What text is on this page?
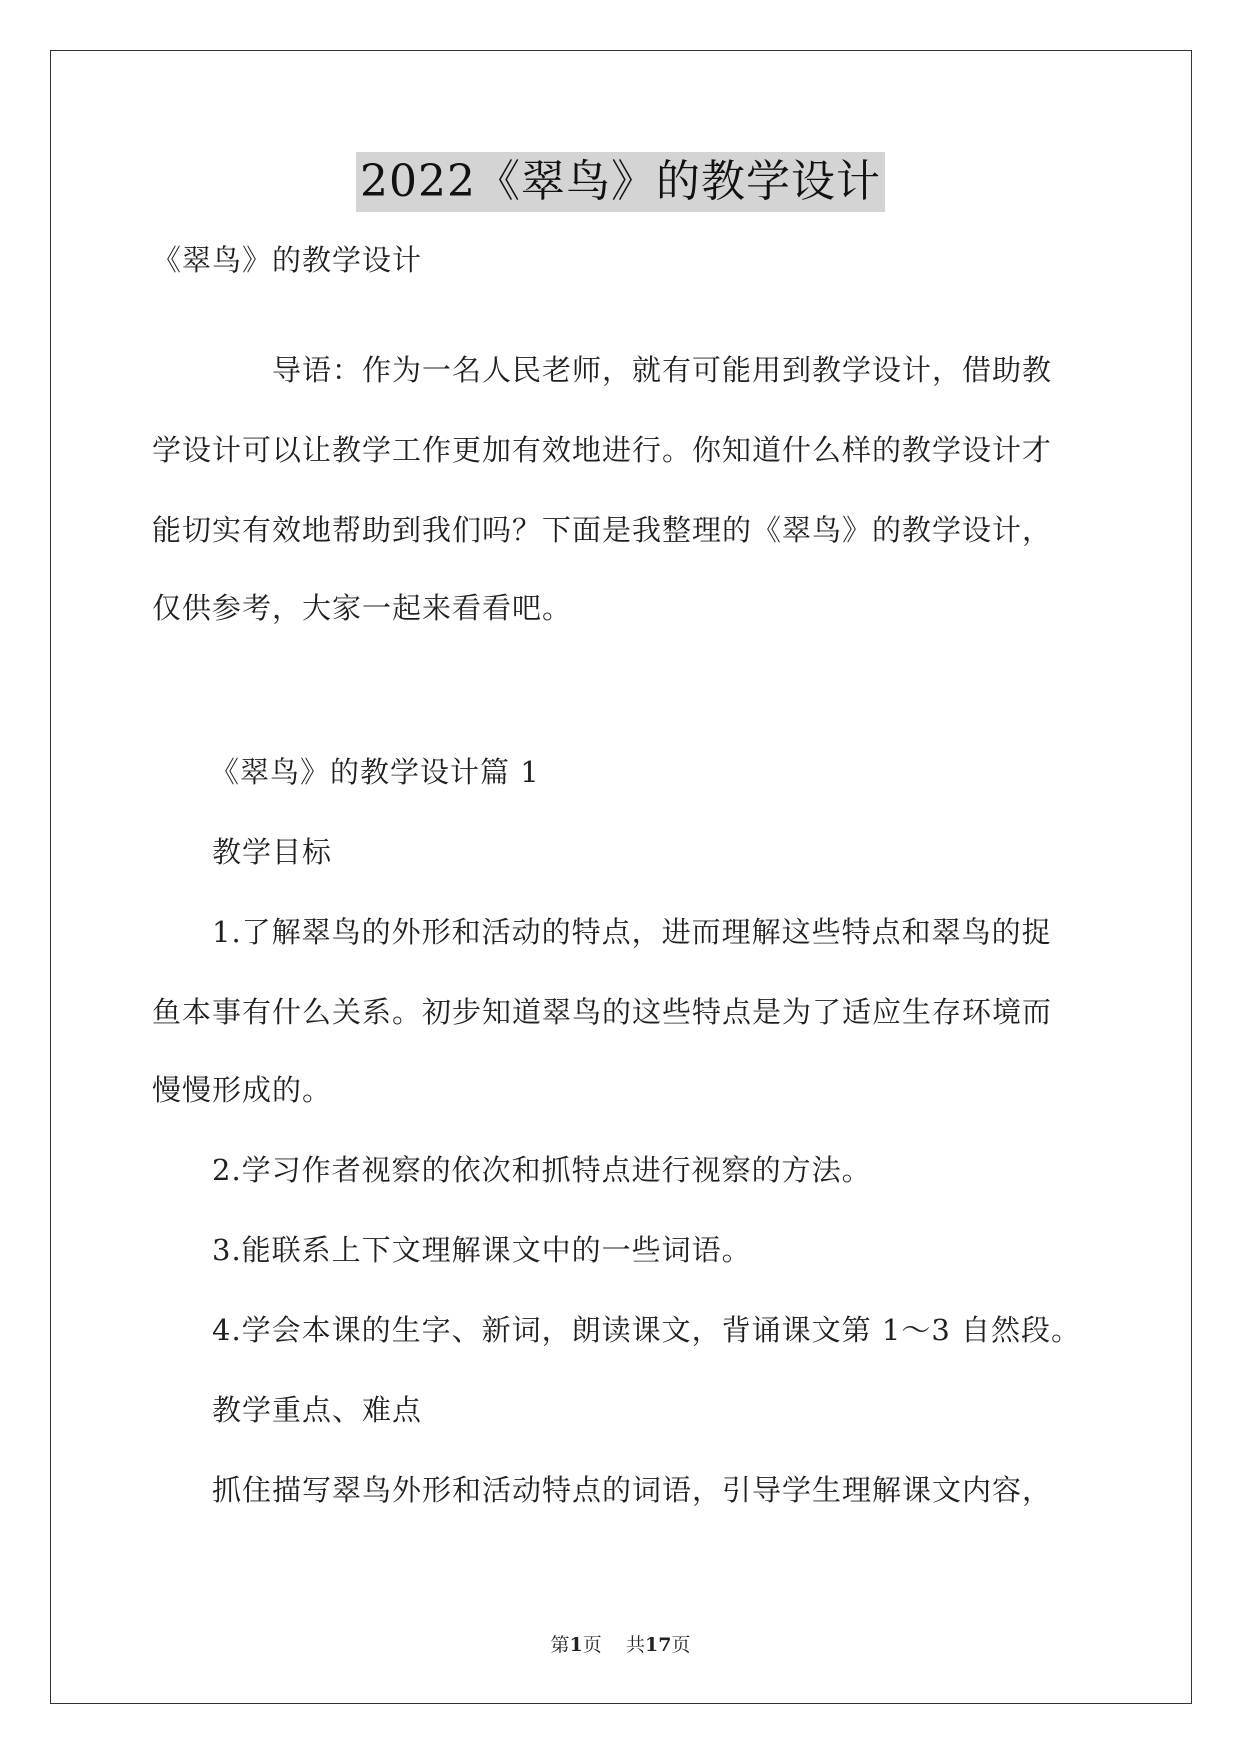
2022《翠鸟》的教学设计
《翠鸟》的教学设计
导语：作为一名人民老师，就有可能用到教学设计，借助教
学设计可以让教学工作更加有效地进行。你知道什么样的教学设计才
能切实有效地帮助到我们吗？下面是我整理的《翠鸟》的教学设计，
仅供参考，大家一起来看看吧。
《翠鸟》的教学设计篇 1
教学目标
1.了解翠鸟的外形和活动的特点，进而理解这些特点和翠鸟的捉
鱼本事有什么关系。初步知道翠鸟的这些特点是为了适应生存环境而
慢慢形成的。
2.学习作者视察的依次和抓特点进行视察的方法。
3.能联系上下文理解课文中的一些词语。
4.学会本课的生字、新词，朗读课文，背诵课文第 1～3 自然段。
教学重点、难点
抓住描写翠鸟外形和活动特点的词语，引导学生理解课文内容，
第1页 共17页
